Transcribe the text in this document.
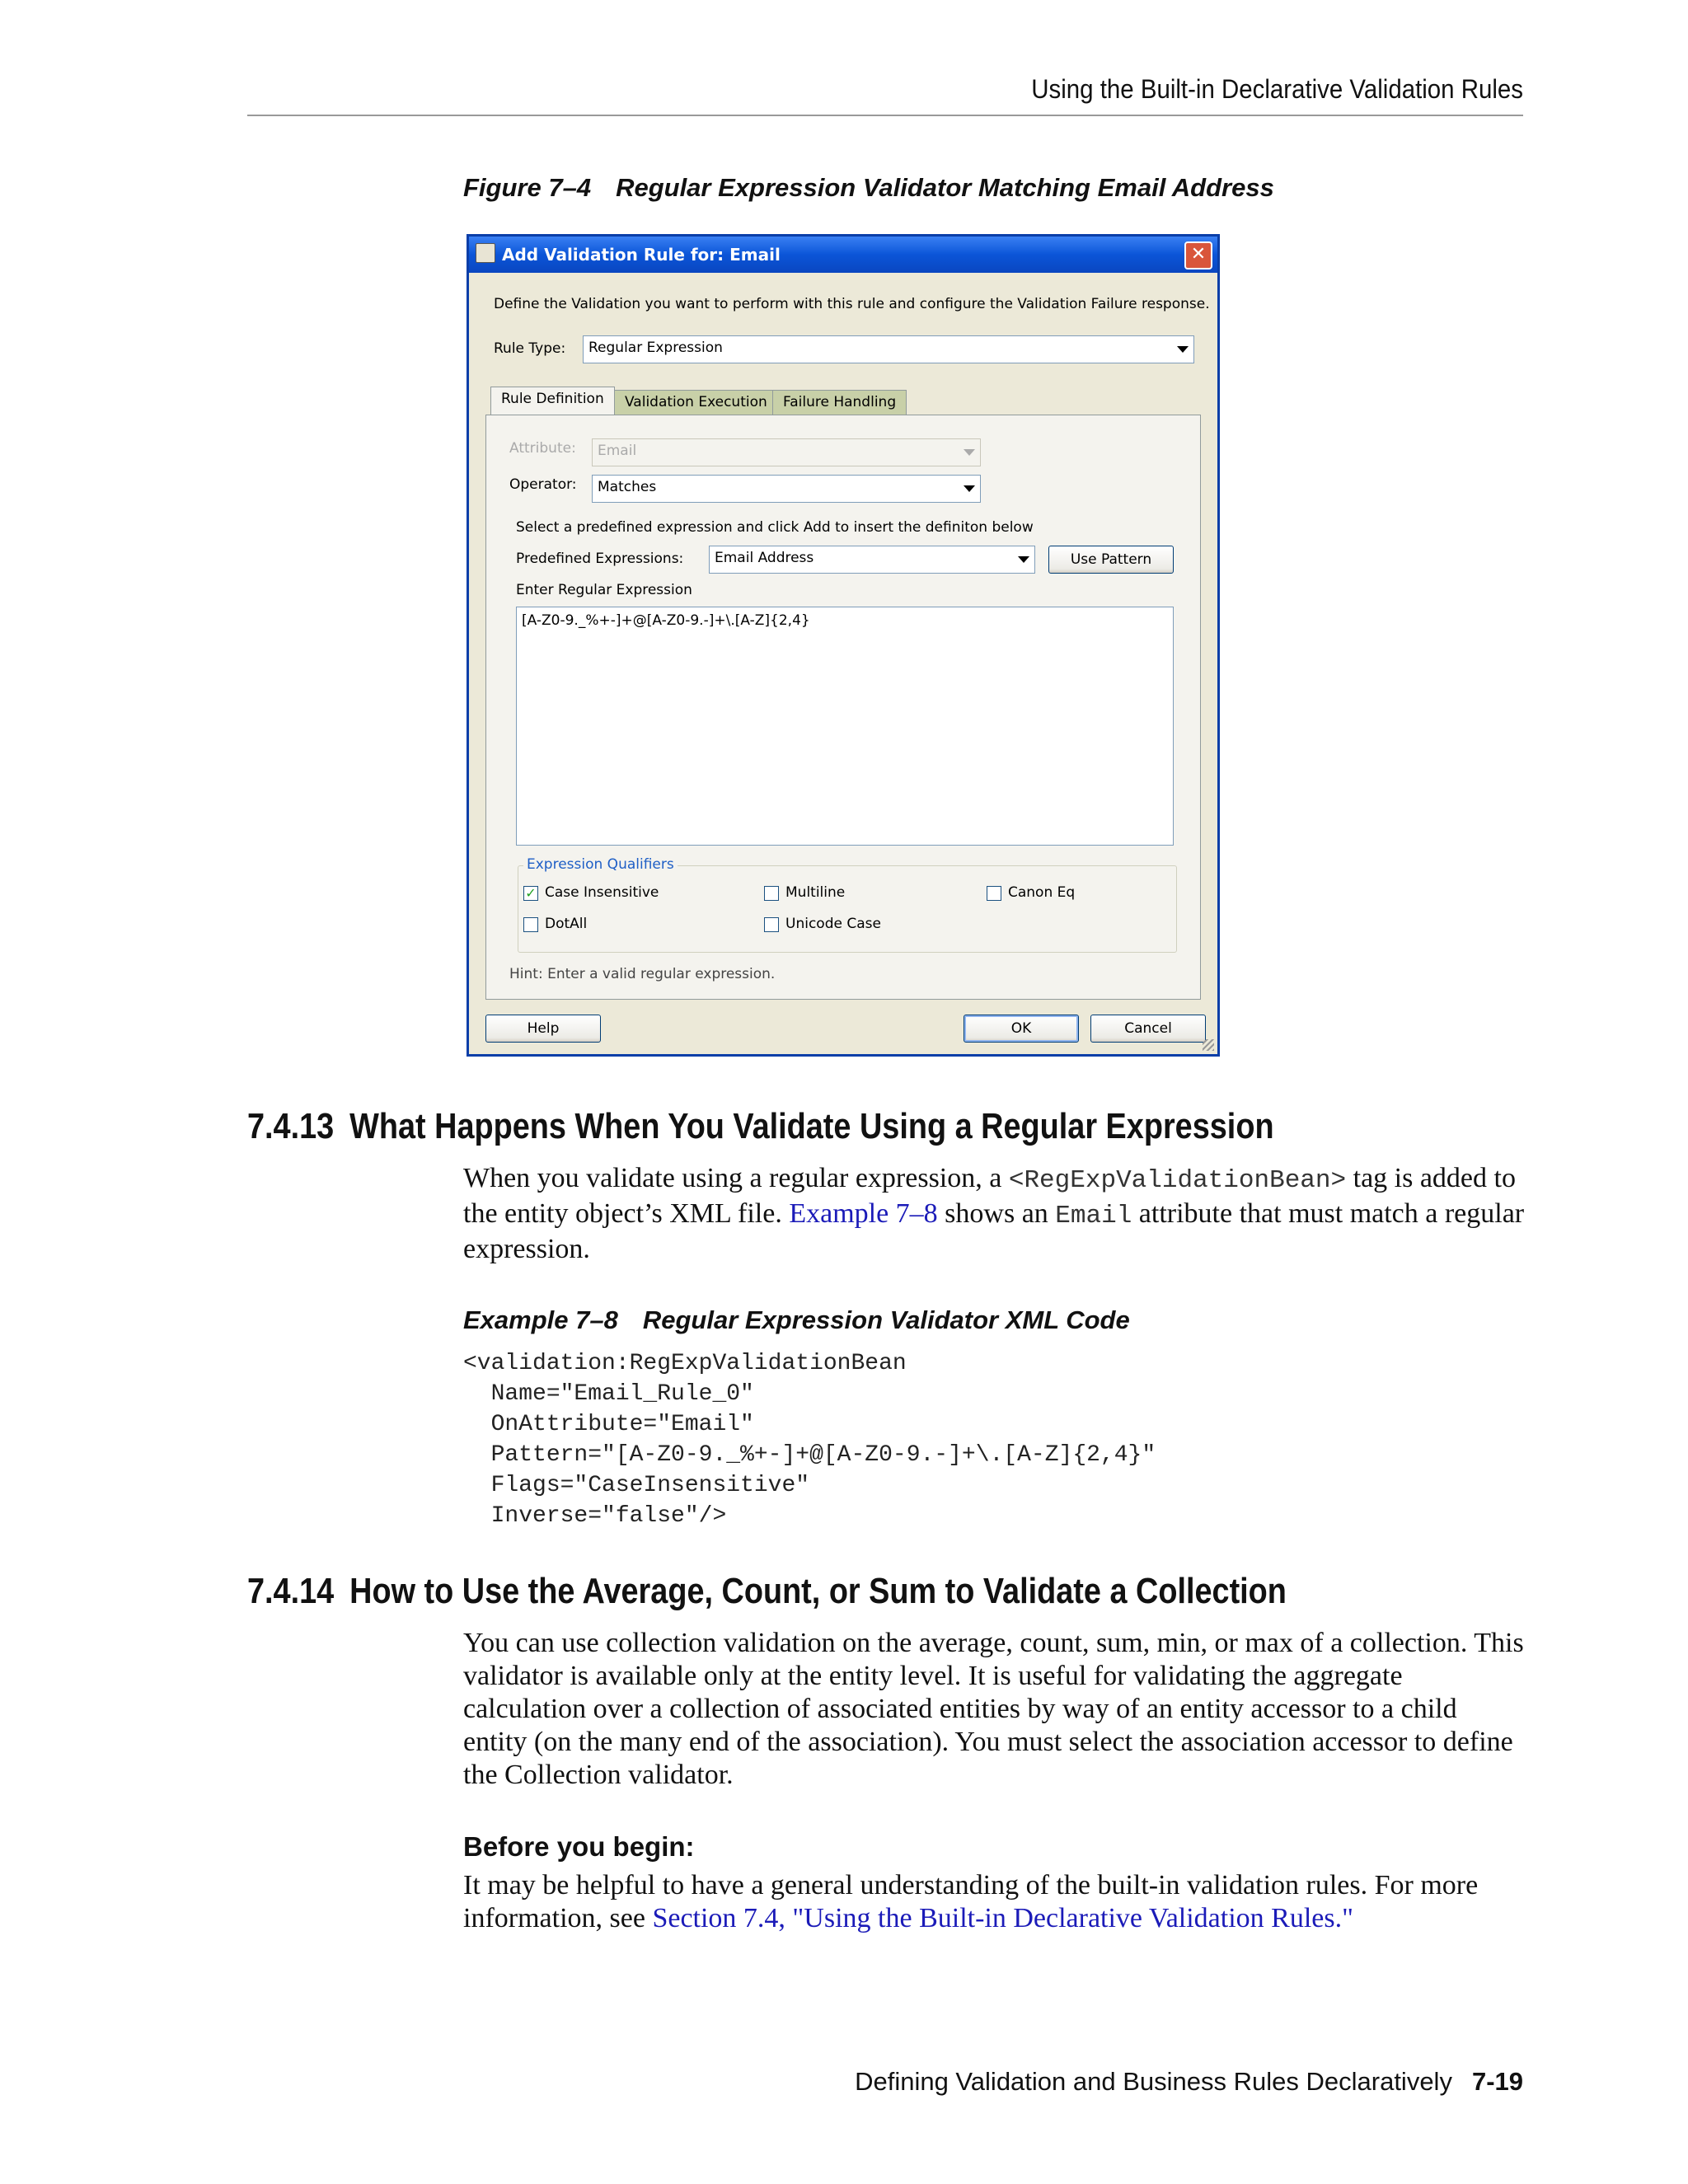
Using the Built-in Declarative Validation Rules
Figure 7–4 Regular Expression Validator Matching Email Address
Add Validation Rule for: Email	✕
Define the Validation you want to perform with this rule and configure the Validation Failure response.
Rule Type:	Regular Expression
Rule Definition	Validation Execution	Failure Handling
Attribute:	Email
Operator:	Matches
Select a predefined expression and click Add to insert the definiton below
Predefined Expressions:	Email Address	Use Pattern
Enter Regular Expression
[A-Z0-9._%+-]+@[A-Z0-9.-]+\.[A-Z]{2,4}
Expression Qualifiers
✓ Case Insensitive	Multiline	Canon Eq
DotAll	Unicode Case
Hint: Enter a valid regular expression.
Help	OK	Cancel
7.4.13 What Happens When You Validate Using a Regular Expression
When you validate using a regular expression, a <RegExpValidationBean> tag is added to the entity object’s XML file. Example 7–8 shows an Email attribute that must match a regular expression.
Example 7–8 Regular Expression Validator XML Code
<validation:RegExpValidationBean
Name="Email_Rule_0"
OnAttribute="Email"
Pattern="[A-Z0-9._%+-]+@[A-Z0-9.-]+\.[A-Z]{2,4}"
Flags="CaseInsensitive"
Inverse="false"/>
7.4.14 How to Use the Average, Count, or Sum to Validate a Collection
You can use collection validation on the average, count, sum, min, or max of a collection. This validator is available only at the entity level. It is useful for validating the aggregate calculation over a collection of associated entities by way of an entity accessor to a child entity (on the many end of the association). You must select the association accessor to define the Collection validator.
Before you begin:
It may be helpful to have a general understanding of the built-in validation rules. For more information, see Section 7.4, "Using the Built-in Declarative Validation Rules."
Defining Validation and Business Rules Declaratively 7-19
